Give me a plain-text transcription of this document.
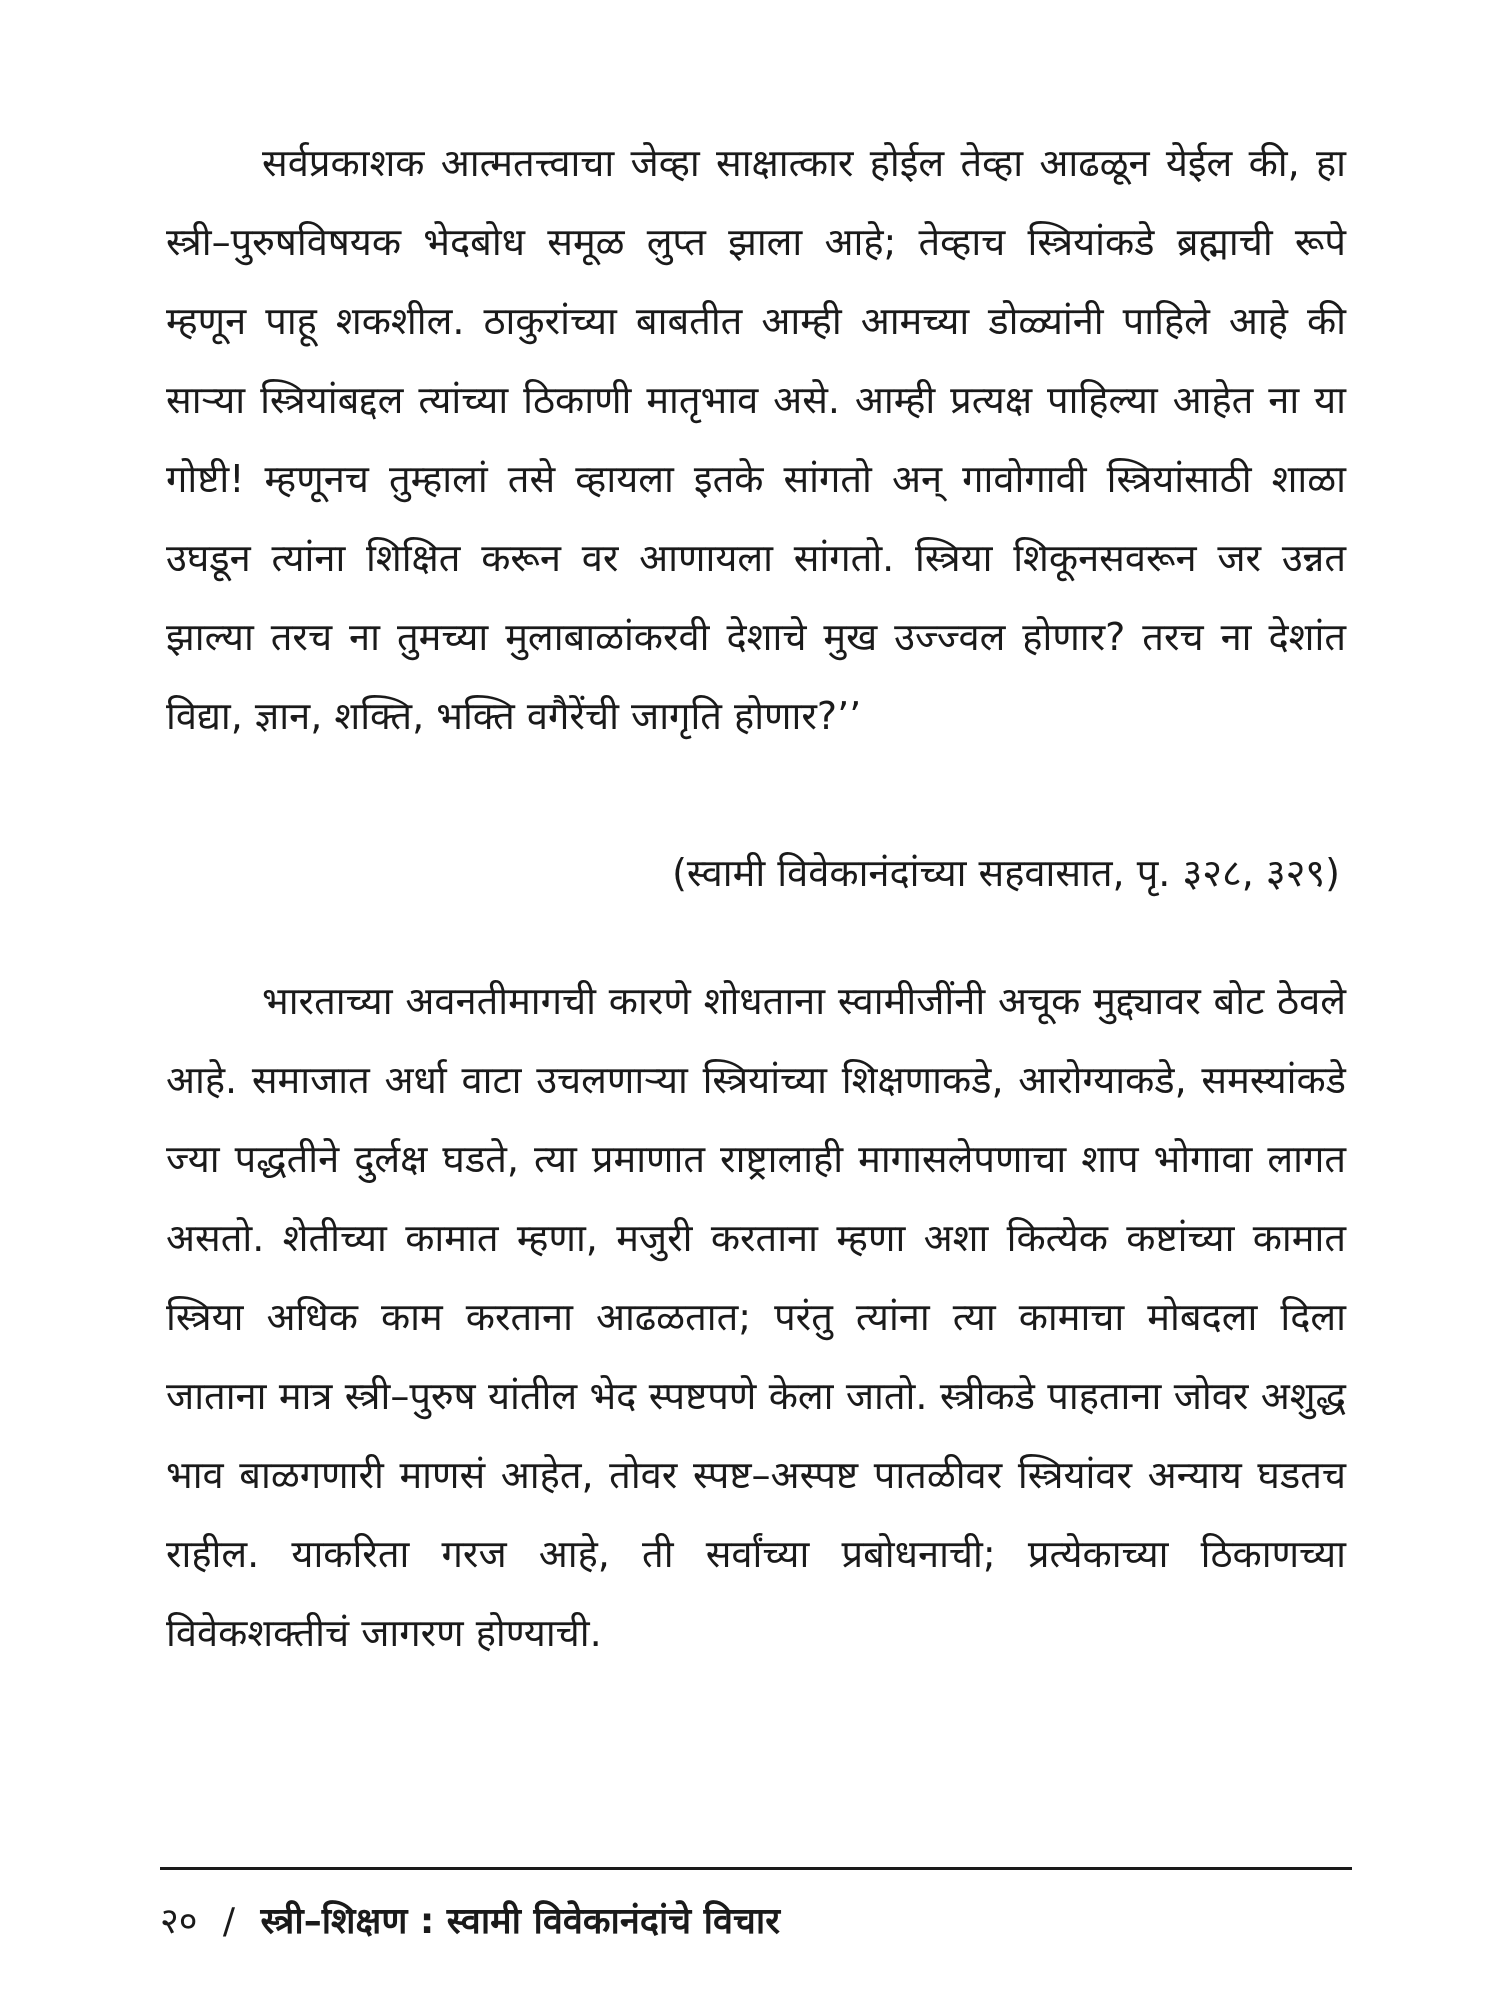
सर्वप्रकाशक आत्मतत्त्वाचा जेव्हा साक्षात्कार होईल तेव्हा आढळून येईल की, हा स्त्री–पुरुषविषयक भेदबोध समूळ लुप्त झाला आहे; तेव्हाच स्त्रियांकडे ब्रह्माची रूपे म्हणून पाहू शकशील. ठाकुरांच्या बाबतीत आम्ही आमच्या डोळ्यांनी पाहिले आहे की साऱ्या स्त्रियांबद्दल त्यांच्या ठिकाणी मातृभाव असे. आम्ही प्रत्यक्ष पाहिल्या आहेत ना या गोष्टी! म्हणूनच तुम्हालां तसे व्हायला इतके सांगतो अन् गावोगावी स्त्रियांसाठी शाळा उघडून त्यांना शिक्षित करून वर आणायला सांगतो. स्त्रिया शिकूनसवरून जर उन्नत झाल्या तरच ना तुमच्या मुलाबाळांकरवी देशाचे मुख उज्ज्वल होणार? तरच ना देशांत विद्या, ज्ञान, शक्ति, भक्ति वगैरेंची जागृति होणार?’’

(स्वामी विवेकानंदांच्या सहवासात, पृ. ३२८, ३२९)

भारताच्या अवनतीमागची कारणे शोधताना स्वामीजींनी अचूक मुद्द्यावर बोट ठेवले आहे. समाजात अर्धा वाटा उचलणाऱ्या स्त्रियांच्या शिक्षणाकडे, आरोग्याकडे, समस्यांकडे ज्या पद्धतीने दुर्लक्ष घडते, त्या प्रमाणात राष्ट्रालाही मागासलेपणाचा शाप भोगावा लागत असतो. शेतीच्या कामात म्हणा, मजुरी करताना म्हणा अशा कित्येक कष्टांच्या कामात स्त्रिया अधिक काम करताना आढळतात; परंतु त्यांना त्या कामाचा मोबदला दिला जाताना मात्र स्त्री–पुरुष यांतील भेद स्पष्टपणे केला जातो. स्त्रीकडे पाहताना जोवर अशुद्ध भाव बाळगणारी माणसं आहेत, तोवर स्पष्ट–अस्पष्ट पातळीवर स्त्रियांवर अन्याय घडतच राहील. याकरिता गरज आहे, ती सर्वांच्या प्रबोधनाची; प्रत्येकाच्या ठिकाणच्या विवेकशक्तीचं जागरण होण्याची.

२० / स्त्री–शिक्षण : स्वामी विवेकानंदांचे विचार
